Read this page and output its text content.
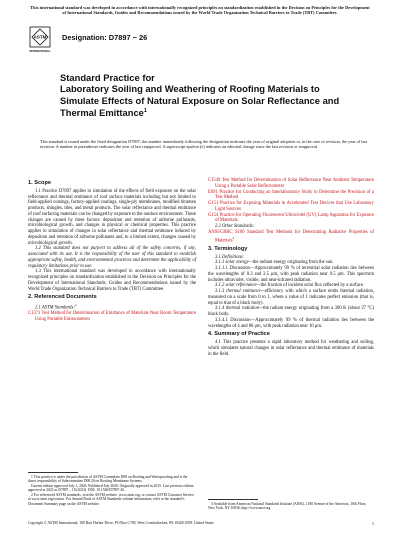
This international standard was developed in accordance with internationally recognized principles on standardization established in the Decision on Principles for the Development of International Standards, Guides and Recommendations issued by the World Trade Organization Technical Barriers to Trade (TBT) Committee.
ASTM
INTERNATIONAL
Designation: D7897 − 26
Standard Practice for
Laboratory Soiling and Weathering of Roofing Materials to Simulate Effects of Natural Exposure on Solar Reflectance and Thermal Emittance$^1$
This standard is issued under the fixed designation D7897; the number immediately following the designation indicates the year of original adoption or, in the case of revision, the year of last revision. A number in parentheses indicates the year of last reapproval. A superscript epsilon (ε) indicates an editorial change since the last revision or reapproval.
1. Scope

1.1 Practice D7897 applies to simulation of the effects of field exposure on the solar reflectance and thermal emittance of roof surface materials including but not limited to field-applied coatings, factory-applied coatings, single-ply membranes, modified bitumen products, shingles, tiles, and metal products. The solar reflectance and thermal emittance of roof surfacing materials can be changed by exposure to the outdoor environment. These changes are caused by three factors: deposition and retention of airborne pollutants, microbiological growth, and changes in physical or chemical properties. This practice applies to simulation of changes in solar reflectance and thermal emittance induced by deposition and retention of airborne pollutants and, to a limited extent, changes caused by microbiological growth.

1.2 This standard does not purport to address all of the safety concerns, if any, associated with its use. It is the responsibility of the user of this standard to establish appropriate safety, health, and environmental practices and determine the applicability of regulatory limitations prior to use.

1.3 This international standard was developed in accordance with internationally recognized principles on standardization established in the Decision on Principles for the Development of International Standards, Guides and Recommendations issued by the World Trade Organization Technical Barriers to Trade (TBT) Committee.

2. Referenced Documents

2.1 ASTM Standards:$^2$

C1371 Test Method for Determination of Emittance of Materials Near Room Temperature Using Portable Emissometers

1 This practice is under the jurisdiction of ASTM Committee D08 on Roofing and Waterproofing and is the direct responsibility of Subcommittee D08.20 on Roofing Membrane Systems.

Current edition approved July 1, 2026. Published July 2026. Originally approved in 2015. Last previous edition approved in 2023 as D7897 – 18 (2023). DOI: 10.1520/D7897-26.

2 For referenced ASTM standards, visit the ASTM website, www.astm.org, or contact ASTM Customer Service at www.astm.org/contact. For Annual Book of ASTM Standards volume information, refer to the standard's Document Summary page on the ASTM website.

C1549 Test Method for Determination of Solar Reflectance Near Ambient Temperature Using a Portable Solar Reflectometer

E691 Practice for Conducting an Interlaboratory Study to Determine the Precision of a Test Method

G151 Practice for Exposing Materials in Accelerated Test Devices that Use Laboratory Light Sources

G154 Practice for Operating Fluorescent Ultraviolet (UV) Lamp Apparatus for Exposure of Materials

2.2 Other Standards:

ANSI/CRRC S100 Standard Test Methods for Determining Radiative Properties of Materials$^3$

3. Terminology

3.1 Definitions:

3.1.1 solar energy—the radiant energy originating from the sun.

3.1.1.1 Discussion—Approximately 99 % of terrestrial solar radiation lies between the wavelengths of 0.3 and 2.5 μm, with peak radiation near 0.5 μm. This spectrum includes ultraviolet, visible, and near-infrared radiation.

3.1.2 solar reflectance—the fraction of incident solar flux reflected by a surface.

3.1.3 thermal emittance—efficiency with which a surface emits thermal radiation, measured on a scale from 0 to 1, where a value of 1 indicates perfect emission (that is, equal to that of a black body).

3.1.4 thermal radiation—the radiant energy originating from a 300 K (about 27 °C) black body.

3.1.4.1 Discussion—Approximately 99 % of thermal radiation lies between the wavelengths of 4 and 80 μm, with peak radiation near 10 μm.

4. Summary of Practice

4.1 This practice presents a rapid laboratory method for weathering and soiling, which simulates natural changes in solar reflectance and thermal emittance of materials in the field.

3 Available from American National Standards Institute (ANSI), 1180 Avenue of the Americas, 10th Floor, New York, NY 10036, http://www.ansi.org.

Copyright © ASTM International, 100 Barr Harbor Drive, PO Box C700, West Conshohocken, PA 19428-2959. United States	1
